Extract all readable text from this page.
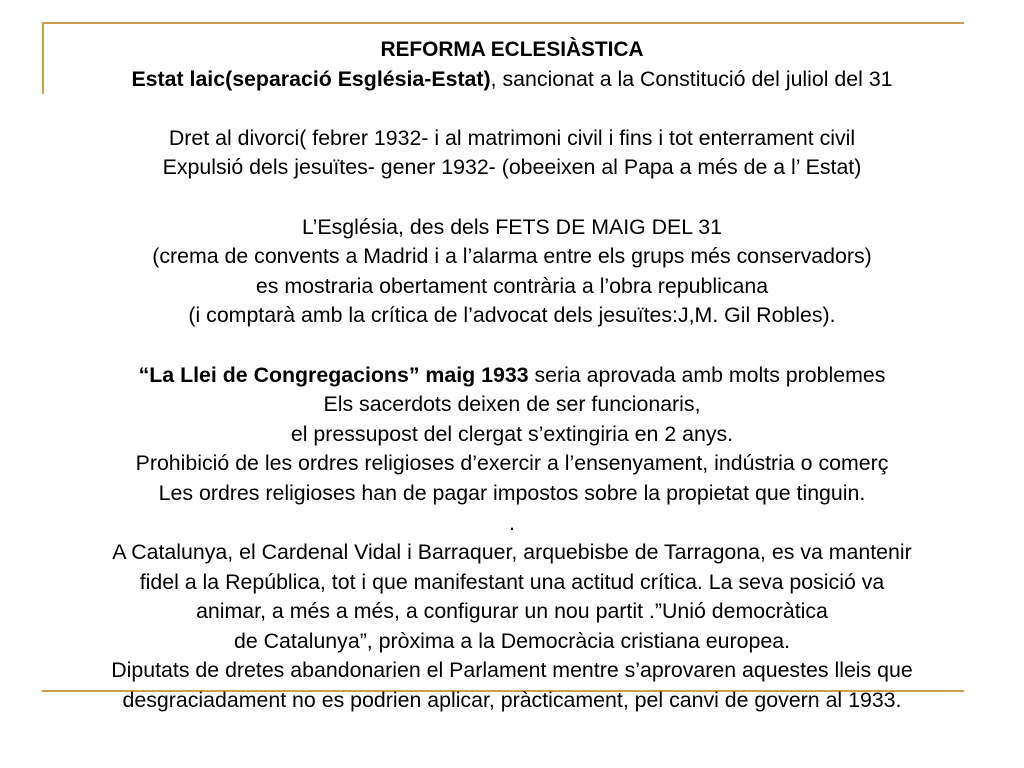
REFORMA ECLESIÀSTICA
Estat laic(separació Església-Estat), sancionat a la Constitució del juliol del 31
Dret al divorci( febrer 1932- i al matrimoni civil i fins i tot enterrament civil
Expulsió dels jesuïtes- gener 1932- (obeeixen al Papa a més de a l’ Estat)
L’Església, des dels FETS DE MAIG DEL 31
(crema de convents a Madrid i a l’alarma entre els grups més conservadors)
es mostraria obertament contrària a l’obra republicana
(i comptarà amb la crítica de l’advocat dels jesuïtes:J,M. Gil Robles).
“La Llei de Congregacions” maig 1933 seria aprovada amb molts problemes
Els sacerdots deixen de ser funcionaris,
el pressupost del clergat s’extingiria en 2 anys.
Prohibició de les ordres religioses d’exercir a l’ensenyament, indústria o comerç
Les ordres religioses han de pagar impostos sobre la propietat que tinguin.
.
A Catalunya, el Cardenal Vidal i Barraquer, arquebisbe de Tarragona, es va mantenir
fidel a la República, tot i que manifestant una actitud crítica. La seva posició va
animar, a més a més, a configurar un nou partit .”Unió democràtica
de Catalunya”, pròxima a la Democràcia cristiana europea.
Diputats de dretes abandonarien el Parlament mentre s’aprovaren aquestes lleis que
desgraciadament no es podrien aplicar, pràcticament, pel canvi de govern al 1933.
